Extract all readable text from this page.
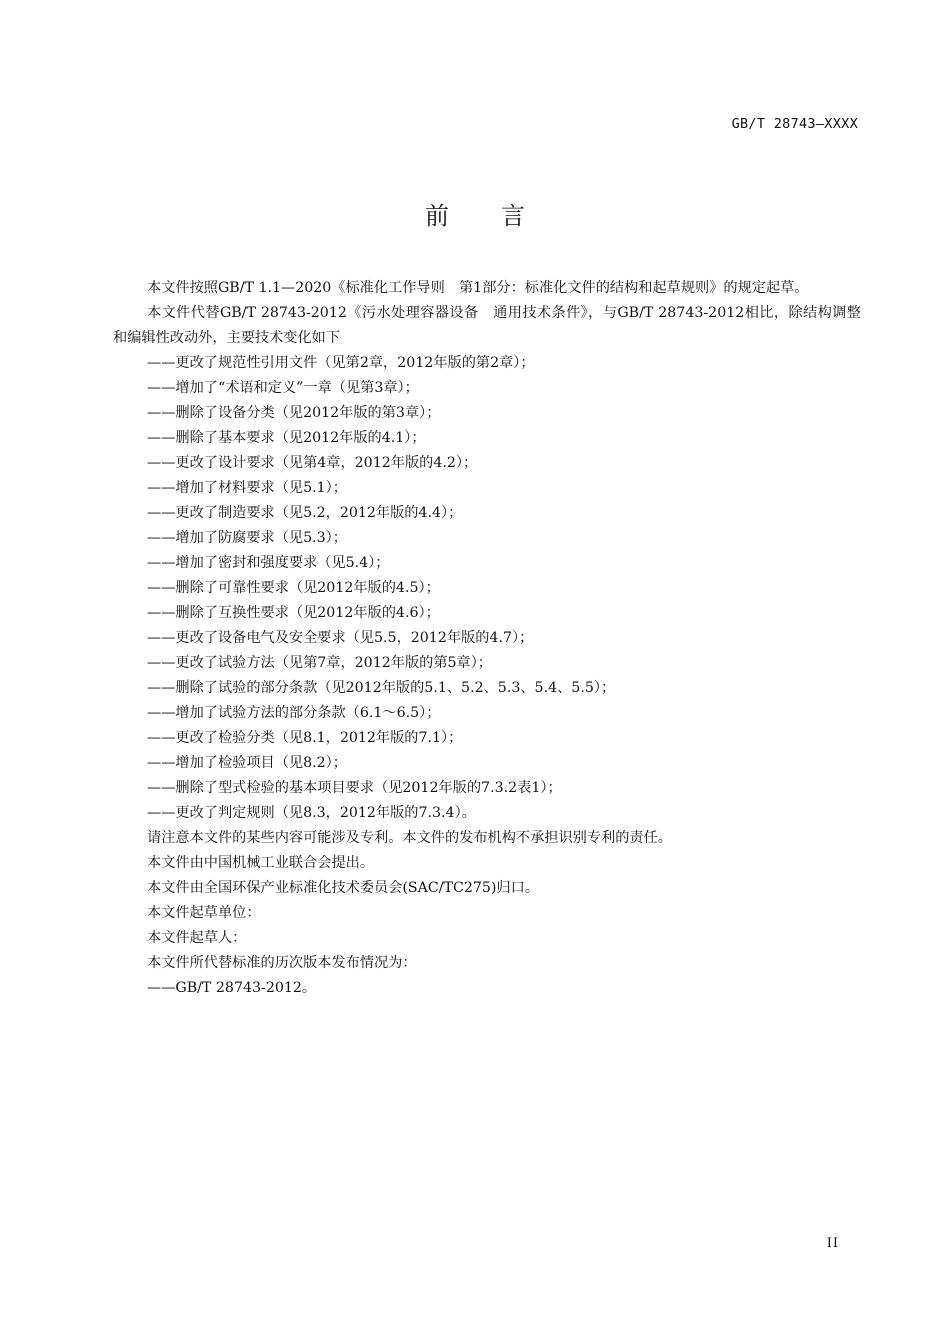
GB/T 28743—XXXX
前言

本文件按照GB/T 1.1—2020《标准化工作导则　第1部分：标准化文件的结构和起草规则》的规定起草。

本文件代替GB/T 28743-2012《污水处理容器设备　通用技术条件》，与GB/T 28743-2012相比，除结构调整和编辑性改动外，主要技术变化如下

——更改了规范性引用文件（见第2章，2012年版的第2章）；

——增加了“术语和定义”一章（见第3章）；

——删除了设备分类（见2012年版的第3章）；

——删除了基本要求（见2012年版的4.1）；

——更改了设计要求（见第4章，2012年版的4.2）；

——增加了材料要求（见5.1）；

——更改了制造要求（见5.2，2012年版的4.4）；

——增加了防腐要求（见5.3）；

——增加了密封和强度要求（见5.4）；

——删除了可靠性要求（见2012年版的4.5）；

——删除了互换性要求（见2012年版的4.6）；

——更改了设备电气及安全要求（见5.5，2012年版的4.7）；

——更改了试验方法（见第7章，2012年版的第5章）；

——删除了试验的部分条款（见2012年版的5.1、5.2、5.3、5.4、5.5）；

——增加了试验方法的部分条款（6.1～6.5）；

——更改了检验分类（见8.1，2012年版的7.1）；

——增加了检验项目（见8.2）；

——删除了型式检验的基本项目要求（见2012年版的7.3.2表1）；

——更改了判定规则（见8.3，2012年版的7.3.4）。

请注意本文件的某些内容可能涉及专利。本文件的发布机构不承担识别专利的责任。

本文件由中国机械工业联合会提出。

本文件由全国环保产业标准化技术委员会(SAC/TC275)归口。

本文件起草单位：

本文件起草人：

本文件所代替标准的历次版本发布情况为：

——GB/T 28743-2012。

II
